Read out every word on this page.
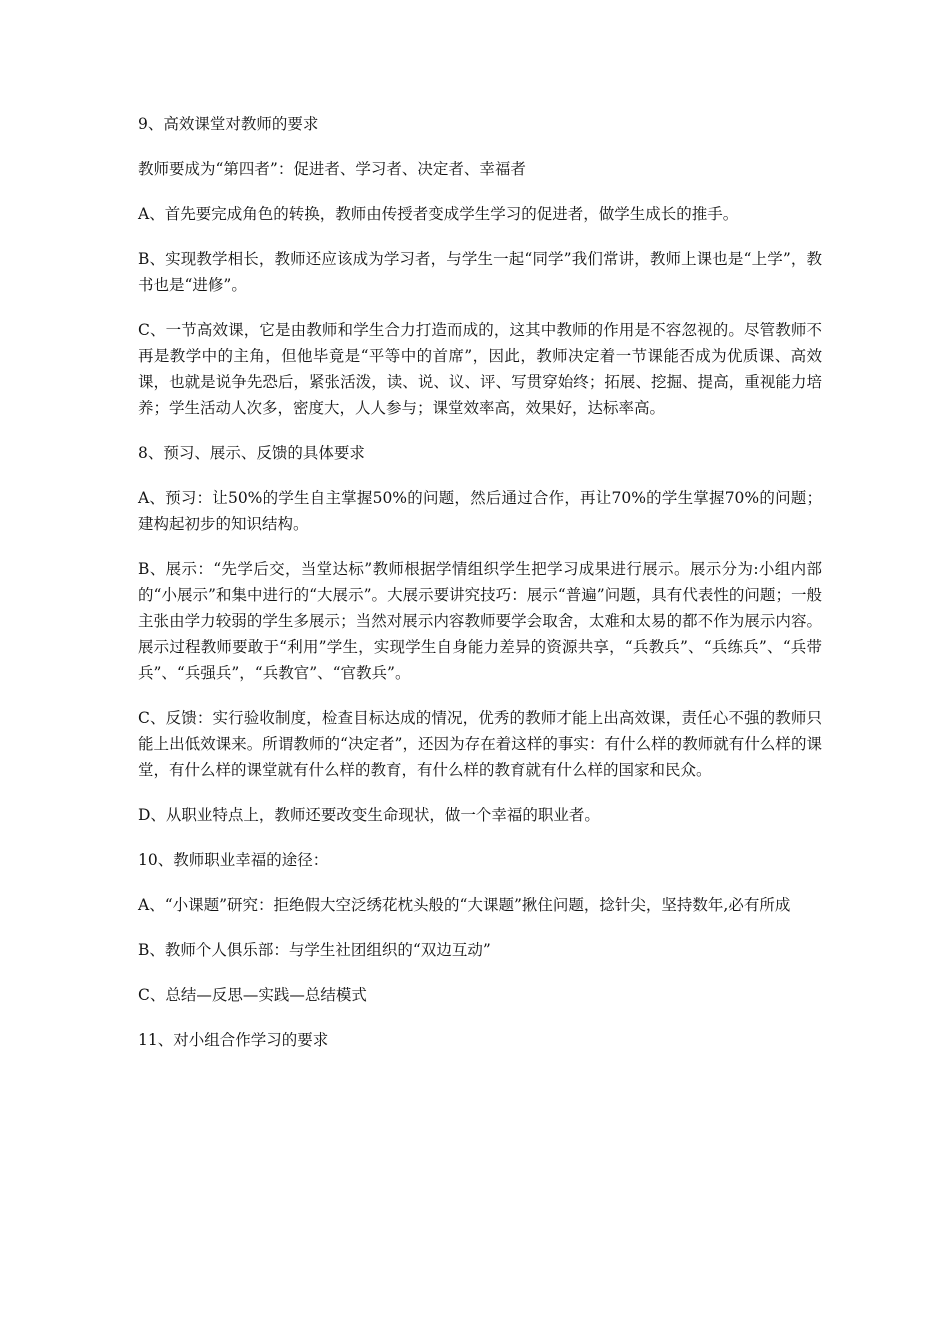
9、高效课堂对教师的要求

教师要成为“第四者”：促进者、学习者、决定者、幸福者

A、首先要完成角色的转换，教师由传授者变成学生学习的促进者，做学生成长的推手。

B、实现教学相长，教师还应该成为学习者，与学生一起“同学”我们常讲，教师上课也是“上学”，教书也是“进修”。

C、一节高效课，它是由教师和学生合力打造而成的，这其中教师的作用是不容忽视的。尽管教师不再是教学中的主角，但他毕竟是“平等中的首席”，因此，教师决定着一节课能否成为优质课、高效课，也就是说争先恐后，紧张活泼，读、说、议、评、写贯穿始终；拓展、挖掘、提高，重视能力培养；学生活动人次多，密度大，人人参与；课堂效率高，效果好，达标率高。

8、预习、展示、反馈的具体要求

A、预习：让50%的学生自主掌握50%的问题，然后通过合作，再让70%的学生掌握70%的问题；建构起初步的知识结构。

B、展示：“先学后交，当堂达标”教师根据学情组织学生把学习成果进行展示。展示分为:小组内部的“小展示”和集中进行的“大展示”。大展示要讲究技巧：展示“普遍”问题，具有代表性的问题；一般主张由学力较弱的学生多展示；当然对展示内容教师要学会取舍，太难和太易的都不作为展示内容。展示过程教师要敢于“利用”学生，实现学生自身能力差异的资源共享，“兵教兵”、“兵练兵”、“兵带兵”、“兵强兵”，“兵教官”、“官教兵”。

C、反馈：实行验收制度，检查目标达成的情况，优秀的教师才能上出高效课，责任心不强的教师只能上出低效课来。所谓教师的“决定者”，还因为存在着这样的事实：有什么样的教师就有什么样的课堂，有什么样的课堂就有什么样的教育，有什么样的教育就有什么样的国家和民众。

D、从职业特点上，教师还要改变生命现状，做一个幸福的职业者。

10、教师职业幸福的途径：

A、“小课题”研究：拒绝假大空泛绣花枕头般的“大课题”揪住问题，捻针尖，坚持数年,必有所成

B、教师个人俱乐部：与学生社团组织的“双边互动”

C、总结—反思—实践—总结模式

11、对小组合作学习的要求
